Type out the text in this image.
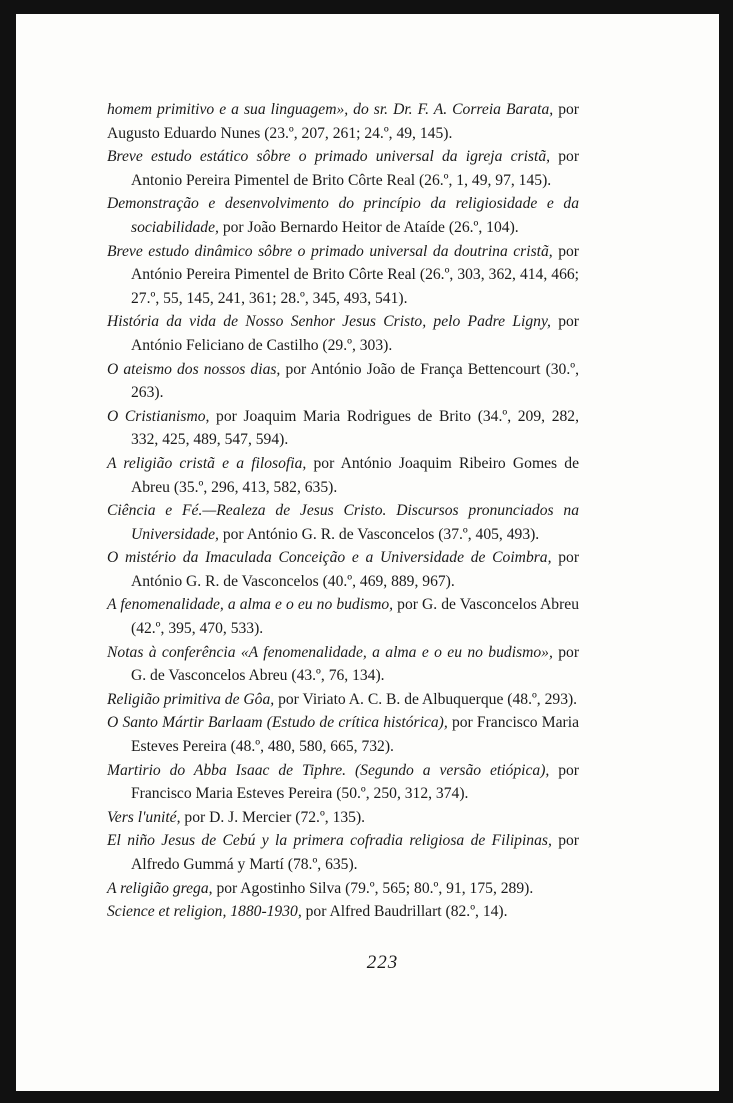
homem primitivo e a sua linguagem», do sr. Dr. F. A. Correia Barata, por Augusto Eduardo Nunes (23.º, 207, 261; 24.º, 49, 145).

Breve estudo estático sôbre o primado universal da igreja cristã, por Antonio Pereira Pimentel de Brito Côrte Real (26.º, 1, 49, 97, 145).

Demonstração e desenvolvimento do princípio da religiosidade e da sociabilidade, por João Bernardo Heitor de Ataíde (26.º, 104).

Breve estudo dinâmico sôbre o primado universal da doutrina cristã, por António Pereira Pimentel de Brito Côrte Real (26.º, 303, 362, 414, 466; 27.º, 55, 145, 241, 361; 28.º, 345, 493, 541).

História da vida de Nosso Senhor Jesus Cristo, pelo Padre Ligny, por António Feliciano de Castilho (29.º, 303).

O ateismo dos nossos dias, por António João de França Bettencourt (30.º, 263).

O Cristianismo, por Joaquim Maria Rodrigues de Brito (34.º, 209, 282, 332, 425, 489, 547, 594).

A religião cristã e a filosofia, por António Joaquim Ribeiro Gomes de Abreu (35.º, 296, 413, 582, 635).

Ciência e Fé.—Realeza de Jesus Cristo. Discursos pronunciados na Universidade, por António G. R. de Vasconcelos (37.º, 405, 493).

O mistério da Imaculada Conceição e a Universidade de Coimbra, por António G. R. de Vasconcelos (40.º, 469, 889, 967).

A fenomenalidade, a alma e o eu no budismo, por G. de Vasconcelos Abreu (42.º, 395, 470, 533).

Notas à conferência «A fenomenalidade, a alma e o eu no budismo», por G. de Vasconcelos Abreu (43.º, 76, 134).

Religião primitiva de Gôa, por Viriato A. C. B. de Albuquerque (48.º, 293).

O Santo Mártir Barlaam (Estudo de crítica histórica), por Francisco Maria Esteves Pereira (48.º, 480, 580, 665, 732).

Martirio do Abba Isaac de Tiphre. (Segundo a versão etiópica), por Francisco Maria Esteves Pereira (50.º, 250, 312, 374).

Vers l'unité, por D. J. Mercier (72.º, 135).

El niño Jesus de Cebú y la primera cofradia religiosa de Filipinas, por Alfredo Gummá y Martí (78.º, 635).

A religião grega, por Agostinho Silva (79.º, 565; 80.º, 91, 175, 289).

Science et religion, 1880-1930, por Alfred Baudrillart (82.º, 14).

223
